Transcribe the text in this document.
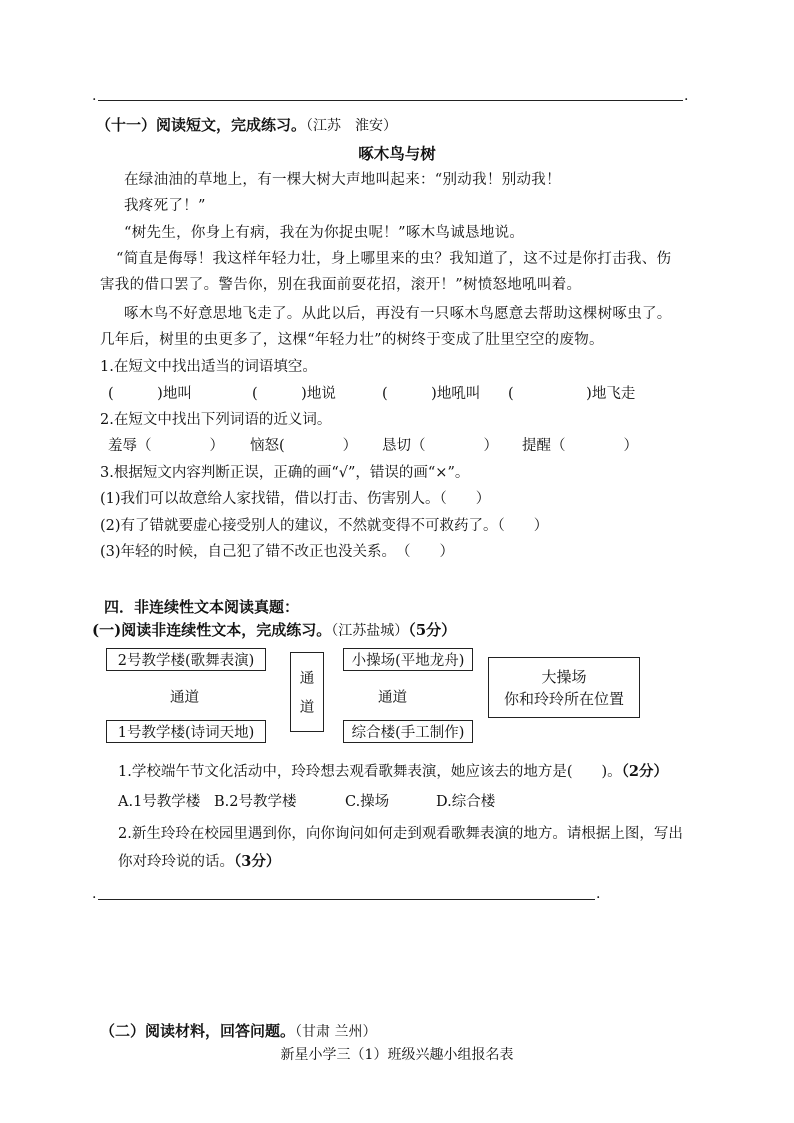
.	.
（十一）阅读短文，完成练习。（江苏　淮安）
啄木鸟与树
在绿油油的草地上，有一棵大树大声地叫起来：“别动我！别动我！
我疼死了！”
“树先生，你身上有病，我在为你捉虫呢！”啄木鸟诚恳地说。
“简直是侮辱！我这样年轻力壮，身上哪里来的虫？我知道了，这不过是你打击我、伤
害我的借口罢了。警告你，别在我面前耍花招，滚开！”树愤怒地吼叫着。
啄木鸟不好意思地飞走了。从此以后，再没有一只啄木鸟愿意去帮助这棵树啄虫了。
几年后，树里的虫更多了，这棵“年轻力壮”的树终于变成了肚里空空的废物。
1.在短文中找出适当的词语填空。
(　　　)地叫	(　　　)地说	(　　　)地吼叫 (　　　　　)地飞走
2.在短文中找出下列词语的近义词。
羞辱（　　　　） 恼怒(　　　　） 恳切（　　　　） 提醒（　　　　）
3.根据短文内容判断正误，正确的画“√”，错误的画“×”。
(1)我们可以故意给人家找错，借以打击、伤害别人。（　　）
(2)有了错就要虚心接受别人的建议，不然就变得不可救药了。（　　）
(3)年轻的时候，自己犯了错不改正也没关系。　（　　）
四．非连续性文本阅读真题：
(一)阅读非连续性文本，完成练习。（江苏盐城）（5分）
2号教学楼(歌舞表演)
通道
1号教学楼(诗词天地)
通
道
小操场(平地龙舟)
通道
综合楼(手工制作)
大操场
你和玲玲所在位置
1.学校端午节文化活动中，玲玲想去观看歌舞表演，她应该去的地方是(　　)。（2分）
A.1号教学楼 B.2号教学楼	C.操场	D.综合楼
2.新生玲玲在校园里遇到你，向你询问如何走到观看歌舞表演的地方。请根据上图，写出
你对玲玲说的话。（3分）
.	.
（二）阅读材料，回答问题。（甘肃 兰州）
新星小学三（1）班级兴趣小组报名表
